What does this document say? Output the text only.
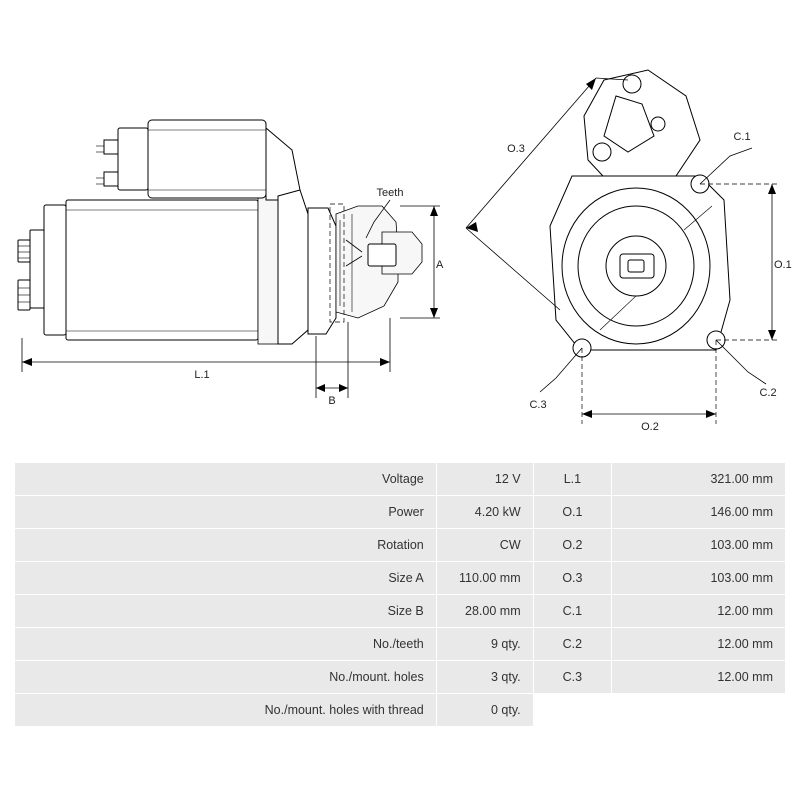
Teeth
L.1
A
B
O.3
O.1
O.2
C.1
C.2
C.3
Voltage	12 V	L.1	321.00 mm
Power	4.20 kW	O.1	146.00 mm
Rotation	CW	O.2	103.00 mm
Size A	110.00 mm	O.3	103.00 mm
Size B	28.00 mm	C.1	12.00 mm
No./teeth	9 qty.	C.2	12.00 mm
No./mount. holes	3 qty.	C.3	12.00 mm
No./mount. holes with thread	0 qty.		
